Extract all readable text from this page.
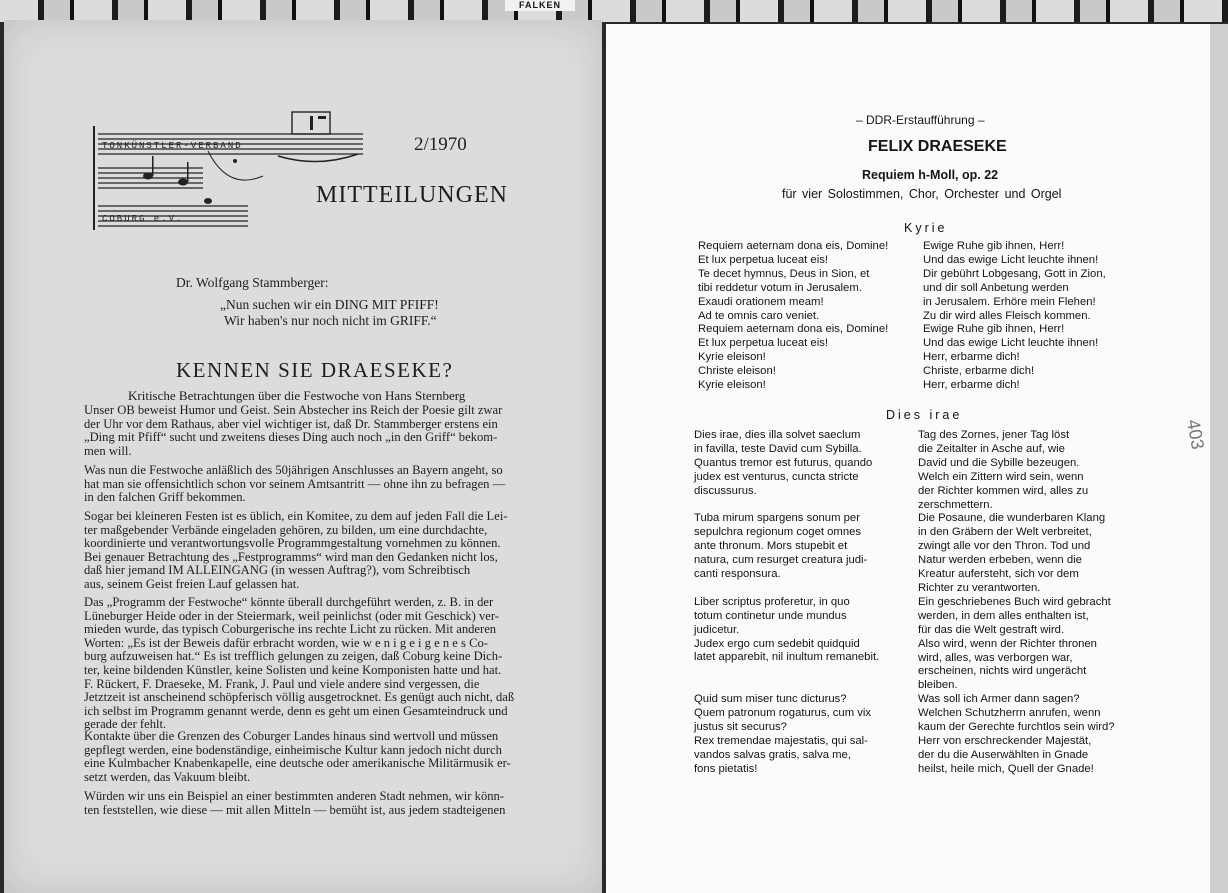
FALKEN
TONKÜNSTLER-VERBAND
COBURG e.V.
2/1970
MITTEILUNGEN
Dr. Wolfgang Stammberger:
„Nun suchen wir ein DING MIT PFIFF!
Wir haben's nur noch nicht im GRIFF.“
KENNEN SIE DRAESEKE?
Kritische Betrachtungen über die Festwoche von Hans Sternberg
Unser OB beweist Humor und Geist. Sein Abstecher ins Reich der Poesie gilt zwar
der Uhr vor dem Rathaus, aber viel wichtiger ist, daß Dr. Stammberger erstens ein
„Ding mit Pfiff“ sucht und zweitens dieses Ding auch noch „in den Griff“ bekom-
men will.
Was nun die Festwoche anläßlich des 50jährigen Anschlusses an Bayern angeht, so
hat man sie offensichtlich schon vor seinem Amtsantritt — ohne ihn zu befragen —
in den falchen Griff bekommen.
Sogar bei kleineren Festen ist es üblich, ein Komitee, zu dem auf jeden Fall die Lei-
ter maßgebender Verbände eingeladen gehören, zu bilden, um eine durchdachte,
koordinierte und verantwortungsvolle Programmgestaltung vornehmen zu können.
Bei genauer Betrachtung des „Festprogramms“ wird man den Gedanken nicht los,
daß hier jemand IM ALLEINGANG (in wessen Auftrag?), vom Schreibtisch
aus, seinem Geist freien Lauf gelassen hat.
Das „Programm der Festwoche“ könnte überall durchgeführt werden, z. B. in der
Lüneburger Heide oder in der Steiermark, weil peinlichst (oder mit Geschick) ver-
mieden wurde, das typisch Coburgerische ins rechte Licht zu rücken. Mit anderen
Worten: „Es ist der Beweis dafür erbracht worden, wie w e n i g e i g e n e s Co-
burg aufzuweisen hat.“ Es ist trefflich gelungen zu zeigen, daß Coburg keine Dich-
ter, keine bildenden Künstler, keine Solisten und keine Komponisten hatte und hat.
F. Rückert, F. Draeseke, M. Frank, J. Paul und viele andere sind vergessen, die
Jetztzeit ist anscheinend schöpferisch völlig ausgetrocknet. Es genügt auch nicht, daß
ich selbst im Programm genannt werde, denn es geht um einen Gesamteindruck und
gerade der fehlt.
Kontakte über die Grenzen des Coburger Landes hinaus sind wertvoll und müssen
gepflegt werden, eine bodenständige, einheimische Kultur kann jedoch nicht durch
eine Kulmbacher Knabenkapelle, eine deutsche oder amerikanische Militärmusik er-
setzt werden, das Vakuum bleibt.
Würden wir uns ein Beispiel an einer bestimmten anderen Stadt nehmen, wir könn-
ten feststellen, wie diese — mit allen Mitteln — bemüht ist, aus jedem stadteigenen
– DDR-Erstaufführung –
FELIX DRAESEKE
Requiem h-Moll, op. 22
für vier Solostimmen, Chor, Orchester und Orgel
Kyrie
Requiem aeternam dona eis, Domine!
Et lux perpetua luceat eis!
Te decet hymnus, Deus in Sion, et
tibi reddetur votum in Jerusalem.
Exaudi orationem meam!
Ad te omnis caro veniet.
Requiem aeternam dona eis, Domine!
Et lux perpetua luceat eis!
Kyrie eleison!
Christe eleison!
Kyrie eleison!
Ewige Ruhe gib ihnen, Herr!
Und das ewige Licht leuchte ihnen!
Dir gebührt Lobgesang, Gott in Zion,
und dir soll Anbetung werden
in Jerusalem. Erhöre mein Flehen!
Zu dir wird alles Fleisch kommen.
Ewige Ruhe gib ihnen, Herr!
Und das ewige Licht leuchte ihnen!
Herr, erbarme dich!
Christe, erbarme dich!
Herr, erbarme dich!
Dies irae
Dies irae, dies illa solvet saeclum
in favilla, teste David cum Sybilla.
Quantus tremor est futurus, quando
judex est venturus, cuncta stricte
discussurus.
Tuba mirum spargens sonum per
sepulchra regionum coget omnes
ante thronum. Mors stupebit et
natura, cum resurget creatura judi-
canti responsura.
Liber scriptus proferetur, in quo
totum continetur unde mundus
judicetur.
Judex ergo cum sedebit quidquid
latet apparebit, nil inultum remanebit.
Quid sum miser tunc dicturus?
Quem patronum rogaturus, cum vix
justus sit securus?
Rex tremendae majestatis, qui sal-
vandos salvas gratis, salva me,
fons pietatis!
Tag des Zornes, jener Tag löst
die Zeitalter in Asche auf, wie
David und die Sybille bezeugen.
Welch ein Zittern wird sein, wenn
der Richter kommen wird, alles zu
zerschmettern.
Die Posaune, die wunderbaren Klang
in den Gräbern der Welt verbreitet,
zwingt alle vor den Thron. Tod und
Natur werden erbeben, wenn die
Kreatur aufersteht, sich vor dem
Richter zu verantworten.
Ein geschriebenes Buch wird gebracht
werden, in dem alles enthalten ist,
für das die Welt gestraft wird.
Also wird, wenn der Richter thronen
wird, alles, was verborgen war,
erscheinen, nichts wird ungerächt
bleiben.
Was soll ich Armer dann sagen?
Welchen Schutzherrn anrufen, wenn
kaum der Gerechte furchtlos sein wird?
Herr von erschreckender Majestät,
der du die Auserwählten in Gnade
heilst, heile mich, Quell der Gnade!
403
